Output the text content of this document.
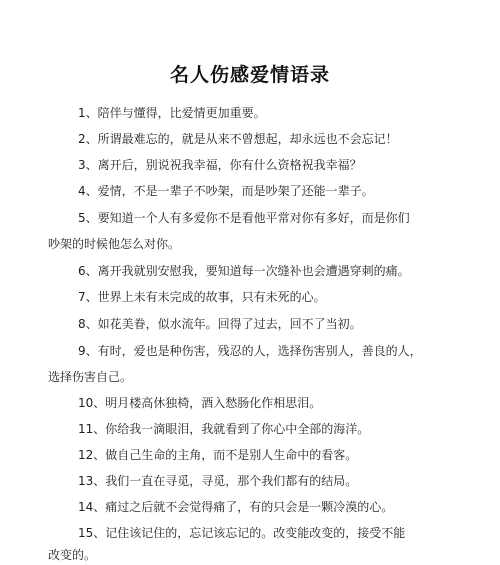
名人伤感爱情语录
1、陪伴与懂得，比爱情更加重要。
2、所谓最难忘的，就是从来不曾想起，却永远也不会忘记！
3、离开后，别说祝我幸福，你有什么资格祝我幸福？
4、爱情，不是一辈子不吵架，而是吵架了还能一辈子。
5、要知道一个人有多爱你不是看他平常对你有多好，而是你们
吵架的时候他怎么对你。
6、离开我就别安慰我，要知道每一次缝补也会遭遇穿刺的痛。
7、世界上未有未完成的故事，只有未死的心。
8、如花美眷，似水流年。回得了过去，回不了当初。
9、有时，爱也是种伤害，残忍的人，选择伤害别人，善良的人，
选择伤害自己。
10、明月楼高休独椅，酒入愁肠化作相思泪。
11、你给我一滴眼泪，我就看到了你心中全部的海洋。
12、做自己生命的主角，而不是别人生命中的看客。
13、我们一直在寻觅，寻觅，那个我们都有的结局。
14、痛过之后就不会觉得痛了，有的只会是一颗冷漠的心。
15、记住该记住的，忘记该忘记的。改变能改变的，接受不能
改变的。
